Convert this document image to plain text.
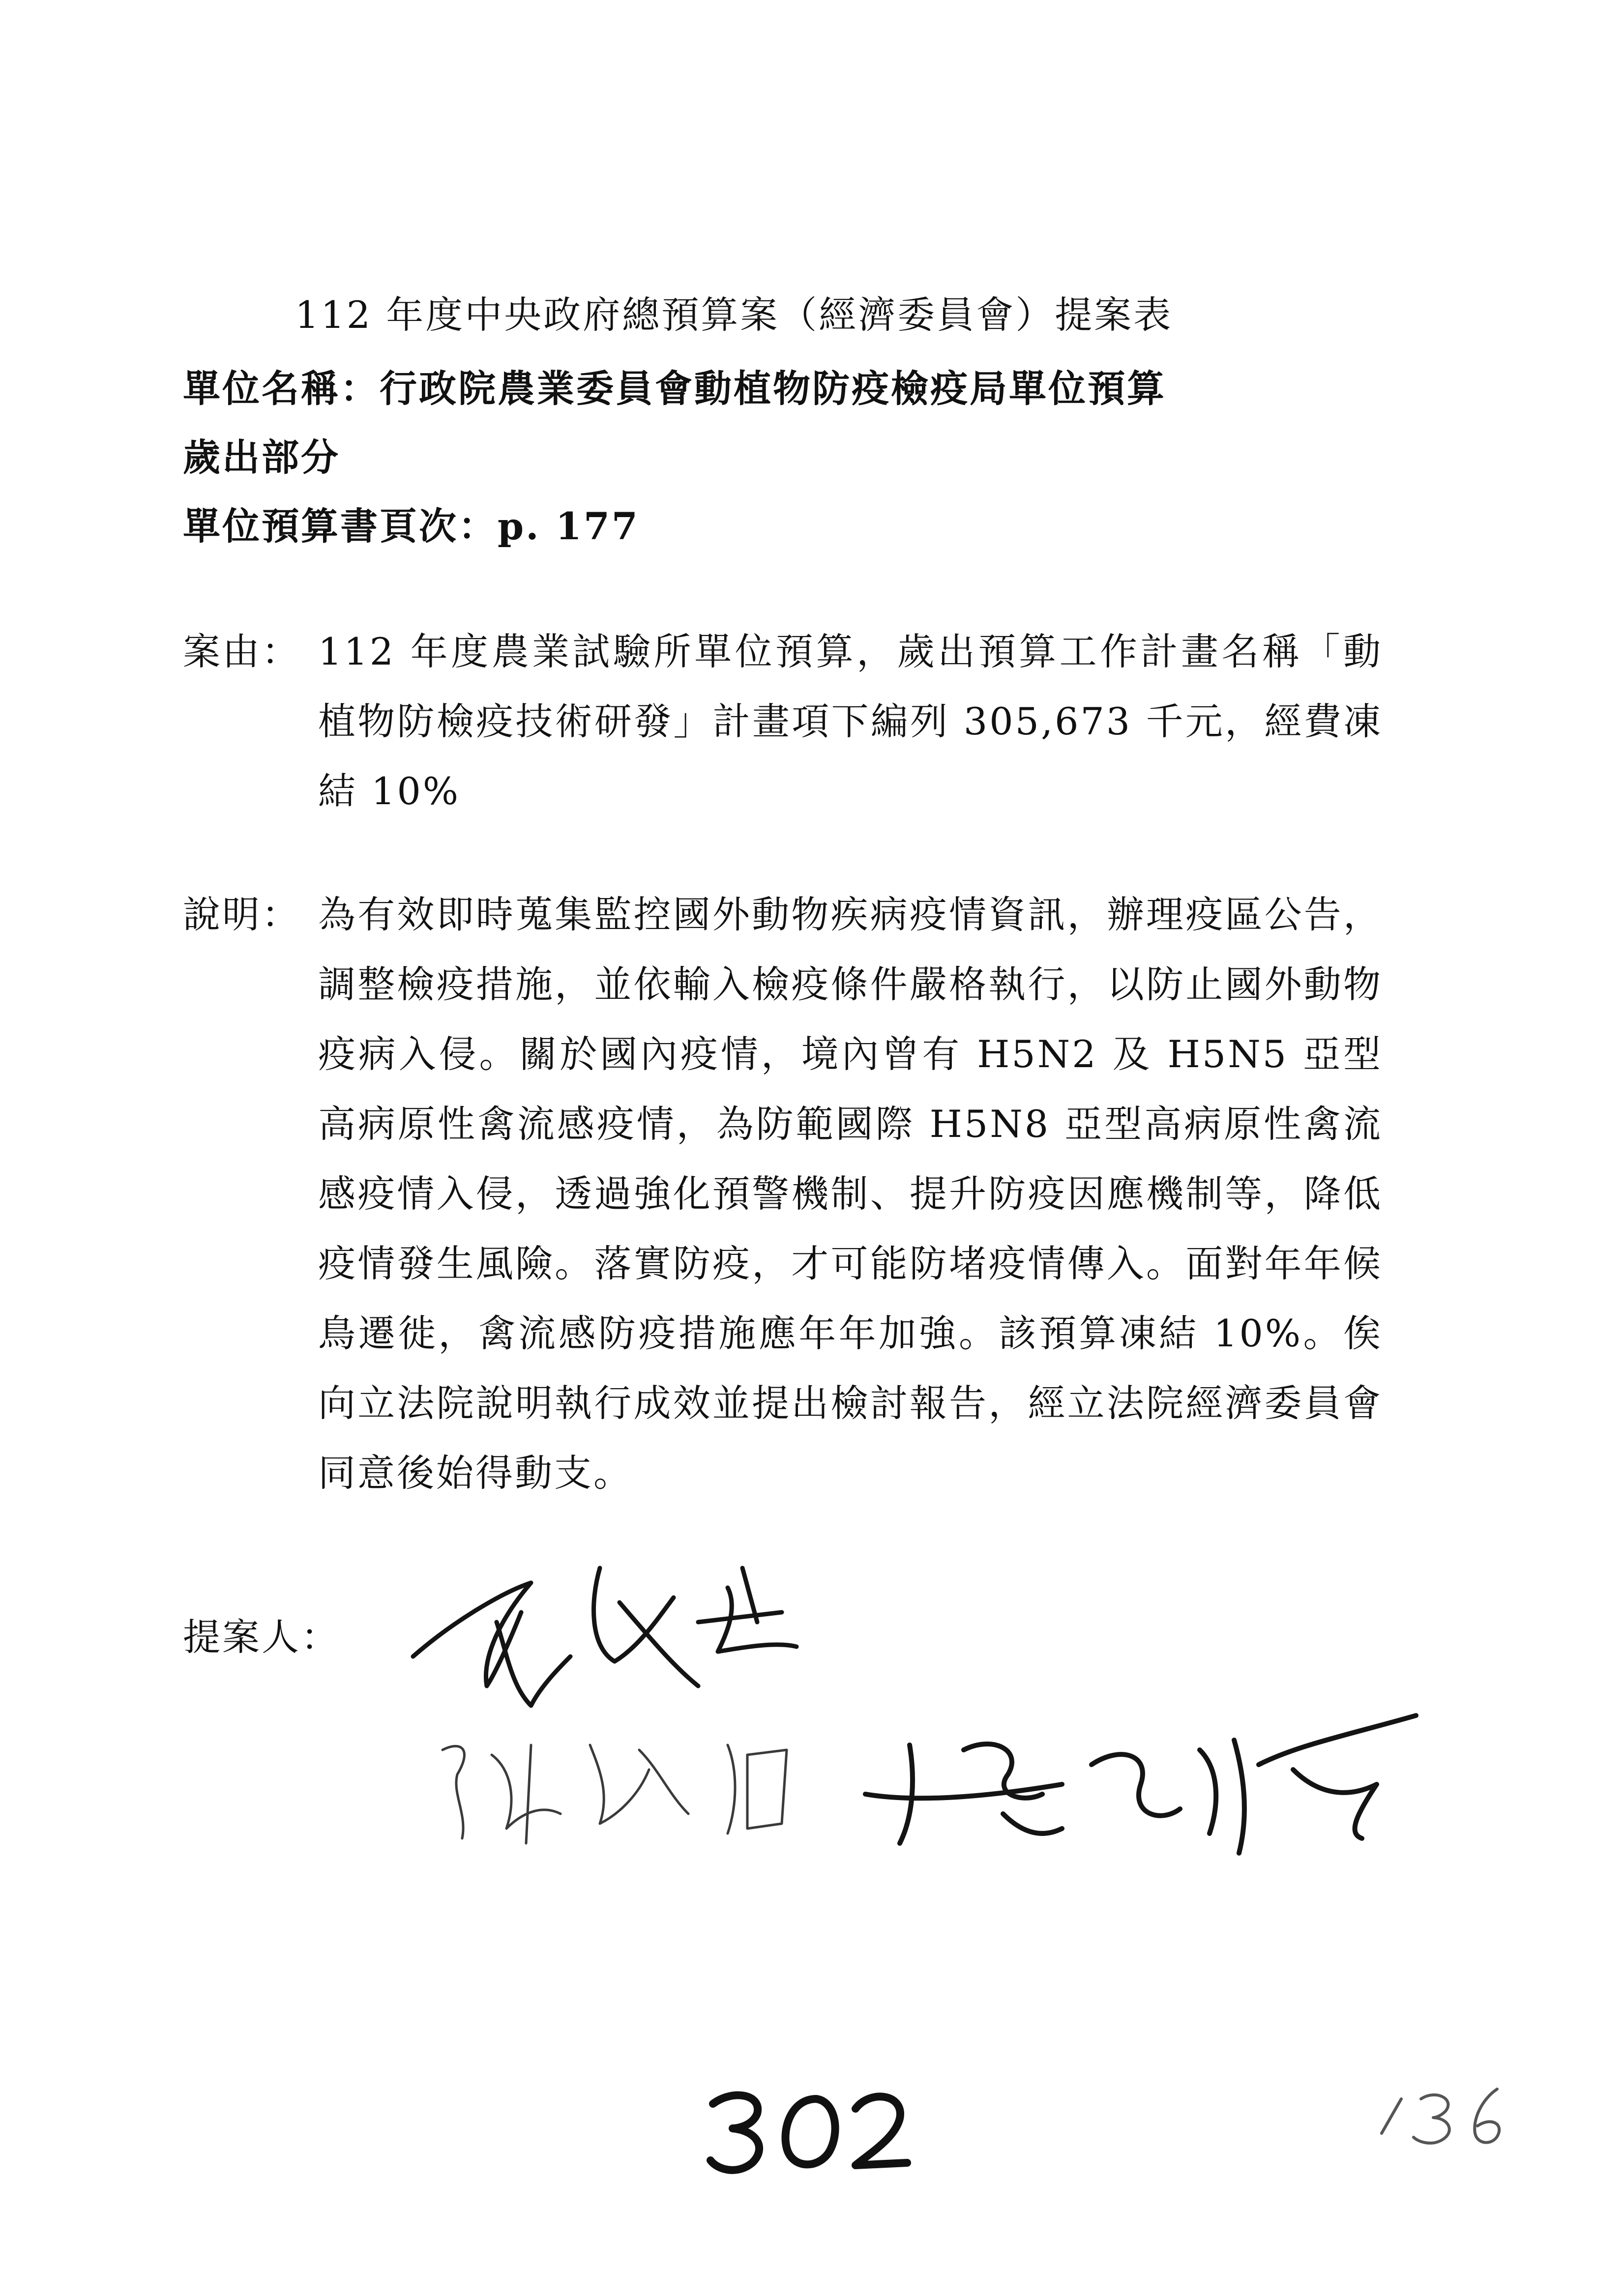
112 年度中央政府總預算案（經濟委員會）提案表
單位名稱：行政院農業委員會動植物防疫檢疫局單位預算
歲出部分
單位預算書頁次：p. 177
案由： 112 年度農業試驗所單位預算，歲出預算工作計畫名稱「動植物防檢疫技術研發」計畫項下編列 305,673 千元，經費凍結 10%
說明： 為有效即時蒐集監控國外動物疾病疫情資訊，辦理疫區公告，調整檢疫措施，並依輸入檢疫條件嚴格執行，以防止國外動物疫病入侵。關於國內疫情，境內曾有 H5N2 及 H5N5 亞型高病原性禽流感疫情，為防範國際 H5N8 亞型高病原性禽流感疫情入侵，透過強化預警機制、提升防疫因應機制等，降低疫情發生風險。落實防疫，才可能防堵疫情傳入。面對年年候鳥遷徙，禽流感防疫措施應年年加強。該預算凍結 10%。俟向立法院說明執行成效並提出檢討報告，經立法院經濟委員會同意後始得動支。
提案人：
